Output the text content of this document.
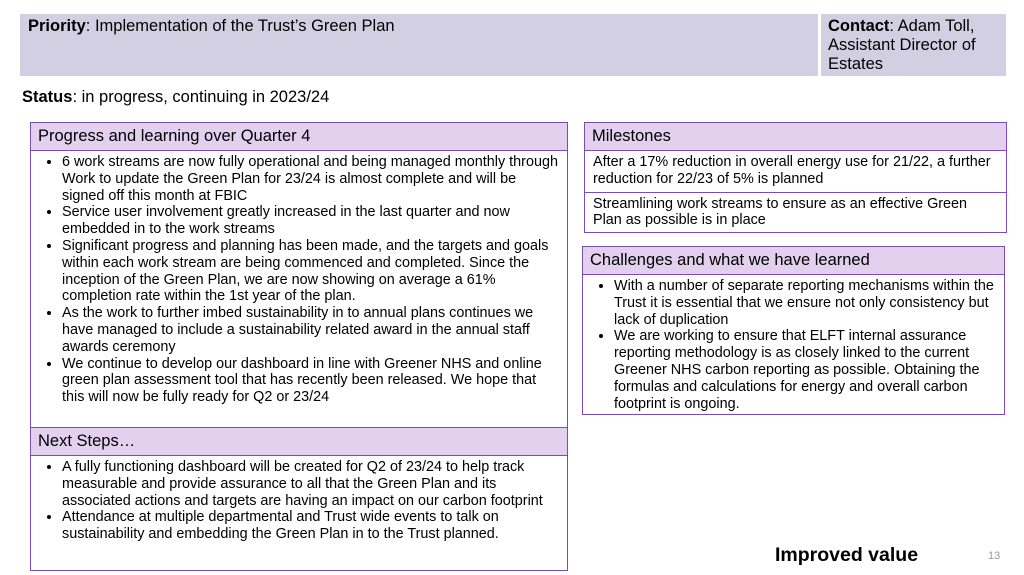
Priority: Implementation of the Trust’s Green Plan	Contact: Adam Toll, Assistant Director of Estates
Status: in progress, continuing in 2023/24
Progress and learning over Quarter 4
• 6 work streams are now fully operational and being managed monthly through Work to update the Green Plan for 23/24 is almost complete and will be signed off this month at FBIC
• Service user involvement greatly increased in the last quarter and now embedded in to the work streams
• Significant progress and planning has been made, and the targets and goals within each work stream are being commenced and completed. Since the inception of the Green Plan, we are now showing on average a 61% completion rate within the 1st year of the plan.
• As the work to further imbed sustainability in to annual plans continues we have managed to include a sustainability related award in the annual staff awards ceremony
• We continue to develop our dashboard in line with Greener NHS and online green plan assessment tool that has recently been released. We hope that this will now be fully ready for Q2 or 23/24
Next Steps…
• A fully functioning dashboard will be created for Q2 of 23/24 to help track measurable and provide assurance to all that the Green Plan and its associated actions and targets are having an impact on our carbon footprint
• Attendance at multiple departmental and Trust wide events to talk on sustainability and embedding the Green Plan in to the Trust planned.
Milestones
After a 17% reduction in overall energy use for 21/22, a further reduction for 22/23 of 5% is planned
Streamlining work streams to ensure as an effective Green Plan as possible is in place
Challenges and what we have learned
• With a number of separate reporting mechanisms within the Trust it is essential that we ensure not only consistency but lack of duplication
• We are working to ensure that ELFT internal assurance reporting methodology is as closely linked to the current Greener NHS carbon reporting as possible. Obtaining the formulas and calculations for energy and overall carbon footprint is ongoing.
Improved value	13
